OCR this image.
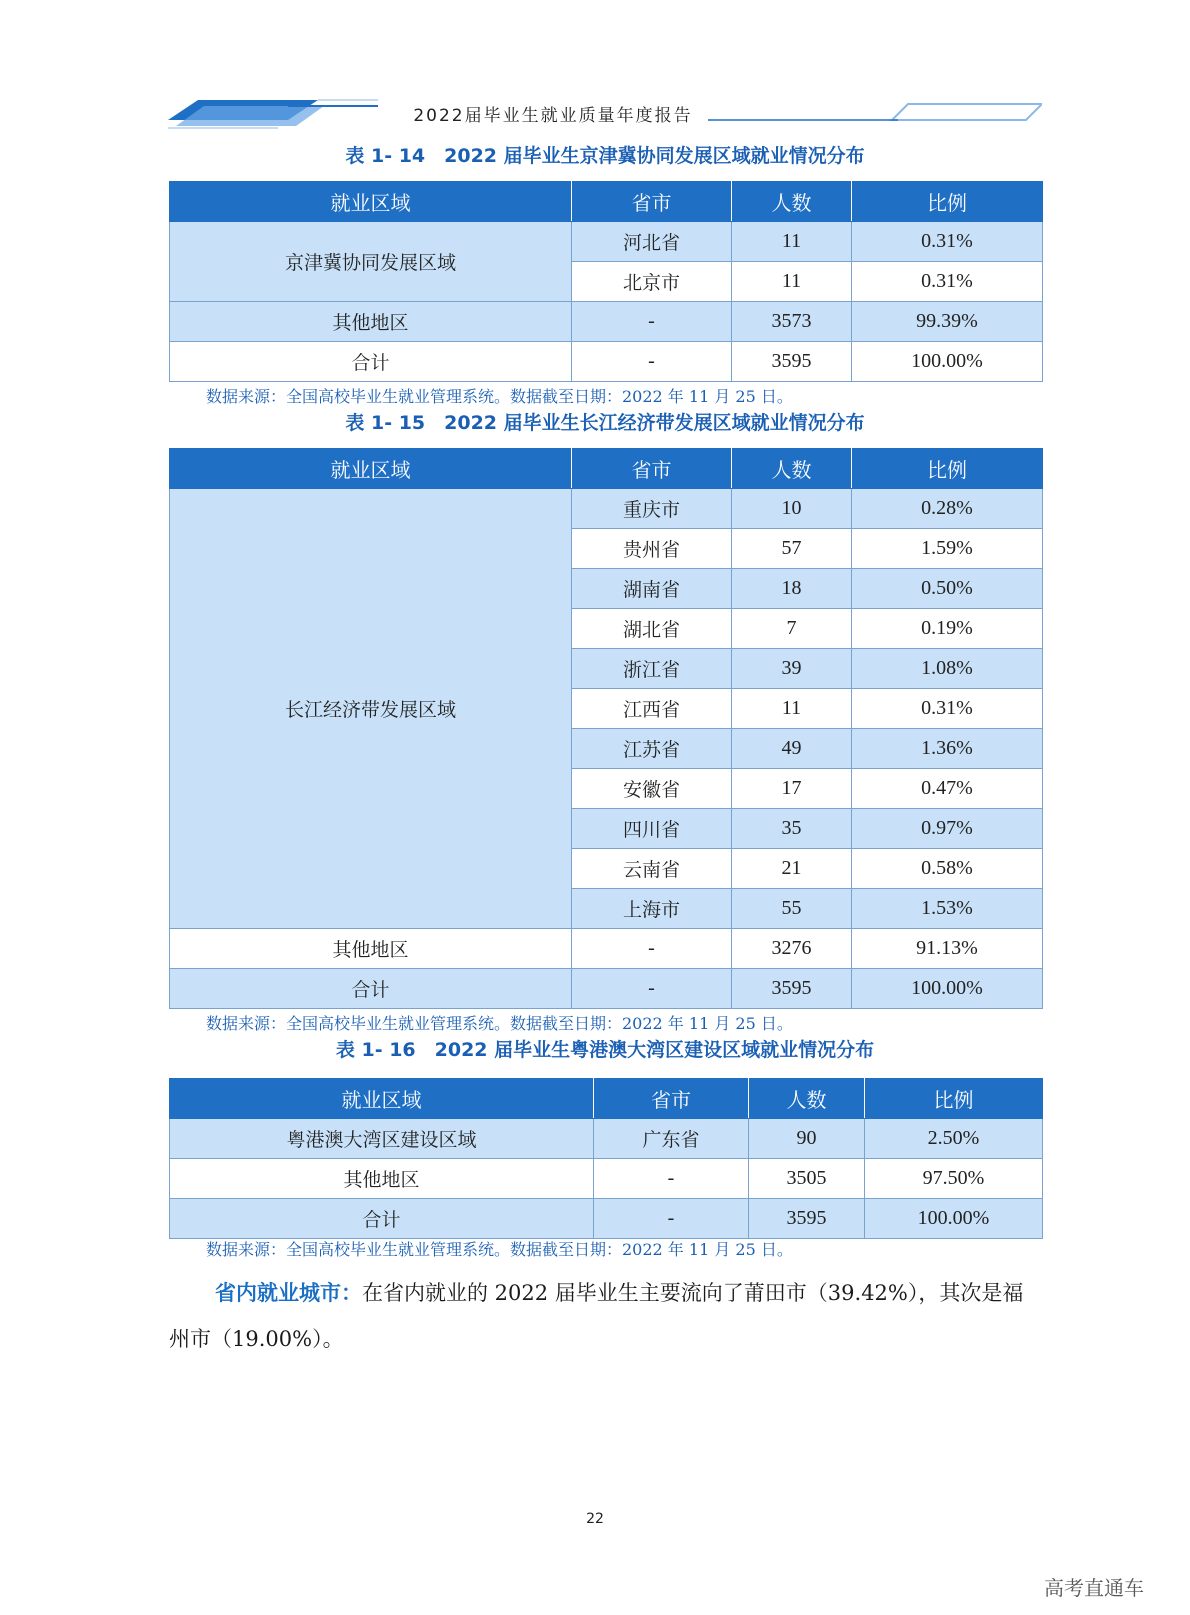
2022届毕业生就业质量年度报告
表 1- 14　2022 届毕业生京津冀协同发展区域就业情况分布
就业区域	省市	人数	比例
京津冀协同发展区域	河北省	11	0.31%
	北京市	11	0.31%
其他地区	-	3573	99.39%
合计	-	3595	100.00%
数据来源：全国高校毕业生就业管理系统。数据截至日期：2022 年 11 月 25 日。
表 1- 15　2022 届毕业生长江经济带发展区域就业情况分布
就业区域	省市	人数	比例
长江经济带发展区域	重庆市	10	0.28%
	贵州省	57	1.59%
	湖南省	18	0.50%
	湖北省	7	0.19%
	浙江省	39	1.08%
	江西省	11	0.31%
	江苏省	49	1.36%
	安徽省	17	0.47%
	四川省	35	0.97%
	云南省	21	0.58%
	上海市	55	1.53%
其他地区	-	3276	91.13%
合计	-	3595	100.00%
数据来源：全国高校毕业生就业管理系统。数据截至日期：2022 年 11 月 25 日。
表 1- 16　2022 届毕业生粤港澳大湾区建设区域就业情况分布
就业区域	省市	人数	比例
粤港澳大湾区建设区域	广东省	90	2.50%
其他地区	-	3505	97.50%
合计	-	3595	100.00%
数据来源：全国高校毕业生就业管理系统。数据截至日期：2022 年 11 月 25 日。
省内就业城市：在省内就业的 2022 届毕业生主要流向了莆田市（39.42%），其次是福州市（19.00%）。
22
高考直通车
